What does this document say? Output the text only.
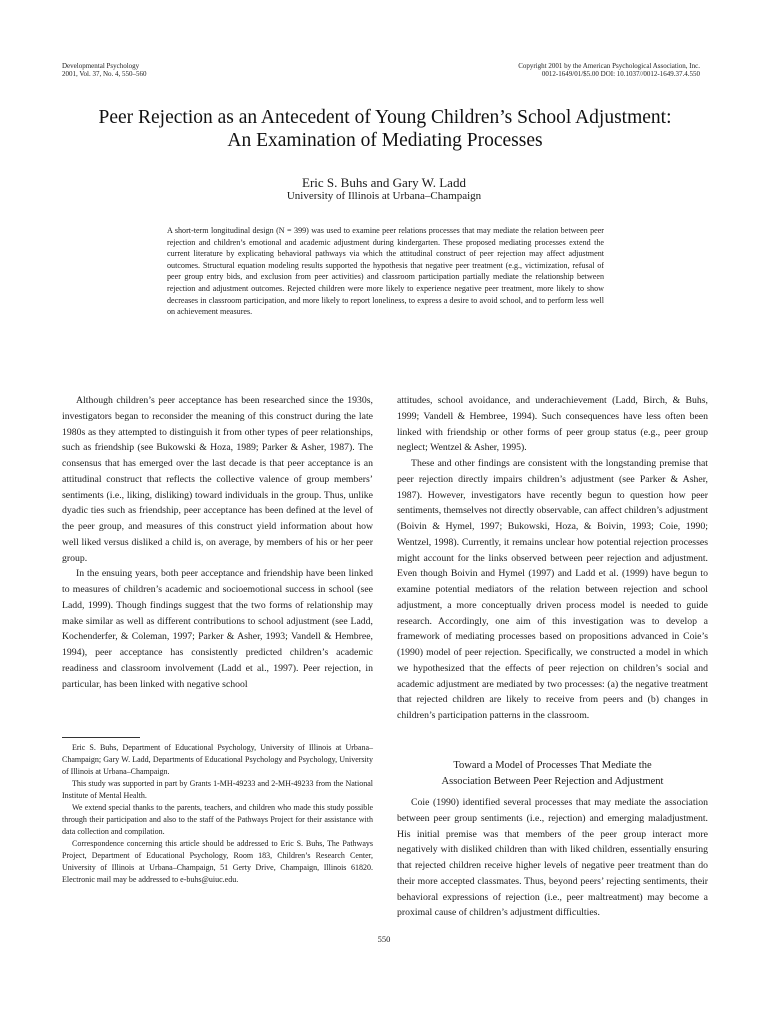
Developmental Psychology
2001, Vol. 37, No. 4, 550–560
Copyright 2001 by the American Psychological Association, Inc.
0012-1649/01/$5.00 DOI: 10.1037//0012-1649.37.4.550
Peer Rejection as an Antecedent of Young Children’s School Adjustment:
An Examination of Mediating Processes
Eric S. Buhs and Gary W. Ladd
University of Illinois at Urbana–Champaign

A short-term longitudinal design (N = 399) was used to examine peer relations processes that may mediate the relation between peer rejection and children’s emotional and academic adjustment during kindergarten. These proposed mediating processes extend the current literature by explicating behavioral pathways via which the attitudinal construct of peer rejection may affect adjustment outcomes. Structural equation modeling results supported the hypothesis that negative peer treatment (e.g., victimization, refusal of peer group entry bids, and exclusion from peer activities) and classroom participation partially mediate the relationship between rejection and adjustment outcomes. Rejected children were more likely to experience negative peer treatment, more likely to show decreases in classroom participation, and more likely to report loneliness, to express a desire to avoid school, and to perform less well on achievement measures.

Although children’s peer acceptance has been researched since the 1930s, investigators began to reconsider the meaning of this construct during the late 1980s as they attempted to distinguish it from other types of peer relationships, such as friendship (see Bukowski & Hoza, 1989; Parker & Asher, 1987). The consensus that has emerged over the last decade is that peer acceptance is an attitudinal construct that reflects the collective valence of group members’ sentiments (i.e., liking, disliking) toward individuals in the group. Thus, unlike dyadic ties such as friendship, peer acceptance has been defined at the level of the peer group, and measures of this construct yield information about how well liked versus disliked a child is, on average, by members of his or her peer group.

In the ensuing years, both peer acceptance and friendship have been linked to measures of children’s academic and socioemotional success in school (see Ladd, 1999). Though findings suggest that the two forms of relationship may make similar as well as different contributions to school adjustment (see Ladd, Kochenderfer, & Coleman, 1997; Parker & Asher, 1993; Vandell & Hembree, 1994), peer acceptance has consistently predicted children’s academic readiness and classroom involvement (Ladd et al., 1997). Peer rejection, in particular, has been linked with negative school

attitudes, school avoidance, and underachievement (Ladd, Birch, & Buhs, 1999; Vandell & Hembree, 1994). Such consequences have less often been linked with friendship or other forms of peer group status (e.g., peer group neglect; Wentzel & Asher, 1995).

These and other findings are consistent with the longstanding premise that peer rejection directly impairs children’s adjustment (see Parker & Asher, 1987). However, investigators have recently begun to question how peer sentiments, themselves not directly observable, can affect children’s adjustment (Boivin & Hymel, 1997; Bukowski, Hoza, & Boivin, 1993; Coie, 1990; Wentzel, 1998). Currently, it remains unclear how potential rejection processes might account for the links observed between peer rejection and adjustment. Even though Boivin and Hymel (1997) and Ladd et al. (1999) have begun to examine potential mediators of the relation between rejection and school adjustment, a more conceptually driven process model is needed to guide research. Accordingly, one aim of this investigation was to develop a framework of mediating processes based on propositions advanced in Coie’s (1990) model of peer rejection. Specifically, we constructed a model in which we hypothesized that the effects of peer rejection on children’s social and academic adjustment are mediated by two processes: (a) the negative treatment that rejected children are likely to receive from peers and (b) changes in children’s participation patterns in the classroom.

Toward a Model of Processes That Mediate the
Association Between Peer Rejection and Adjustment

Coie (1990) identified several processes that may mediate the association between peer group sentiments (i.e., rejection) and emerging maladjustment. His initial premise was that members of the peer group interact more negatively with disliked children than with liked children, essentially ensuring that rejected children receive higher levels of negative peer treatment than do their more accepted classmates. Thus, beyond peers’ rejecting sentiments, their behavioral expressions of rejection (i.e., peer maltreatment) may become a proximal cause of children’s adjustment difficulties.

Eric S. Buhs, Department of Educational Psychology, University of Illinois at Urbana–Champaign; Gary W. Ladd, Departments of Educational Psychology and Psychology, University of Illinois at Urbana–Champaign.

This study was supported in part by Grants 1-MH-49233 and 2-MH-49233 from the National Institute of Mental Health.

We extend special thanks to the parents, teachers, and children who made this study possible through their participation and also to the staff of the Pathways Project for their assistance with data collection and compilation.

Correspondence concerning this article should be addressed to Eric S. Buhs, The Pathways Project, Department of Educational Psychology, Room 183, Children’s Research Center, University of Illinois at Urbana–Champaign, 51 Gerty Drive, Champaign, Illinois 61820. Electronic mail may be addressed to e-buhs@uiuc.edu.

550
